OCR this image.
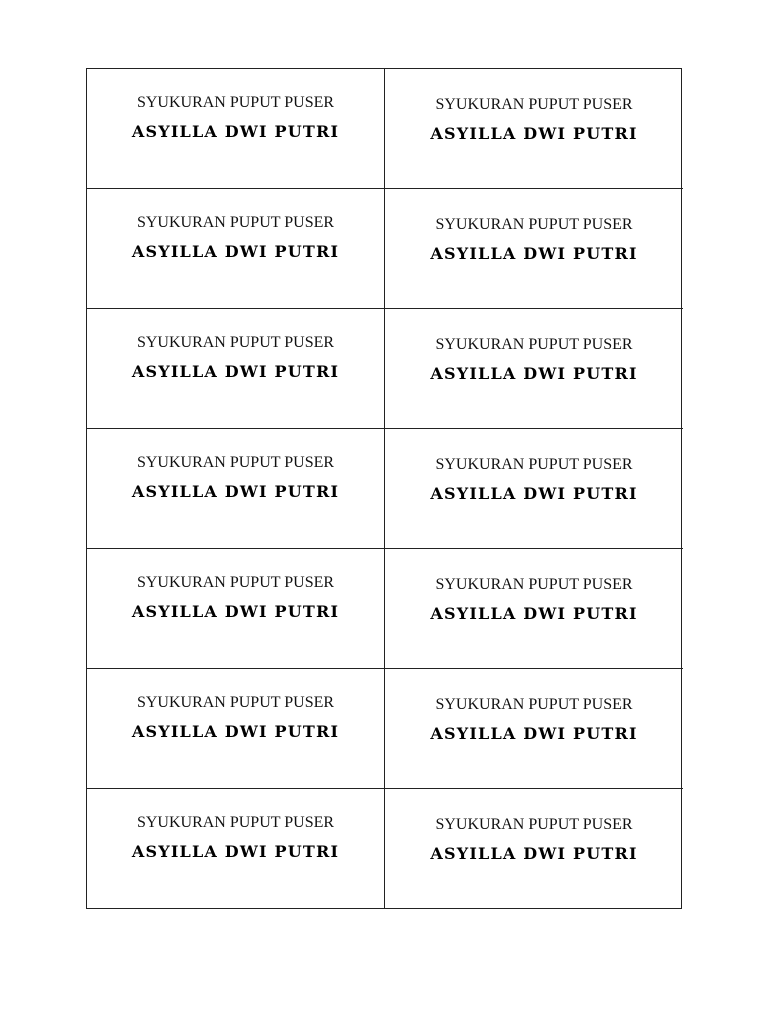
SYUKURAN PUPUT PUSER
ASYILLA DWI PUTRI
SYUKURAN PUPUT PUSER
ASYILLA DWI PUTRI
SYUKURAN PUPUT PUSER
ASYILLA DWI PUTRI
SYUKURAN PUPUT PUSER
ASYILLA DWI PUTRI
SYUKURAN PUPUT PUSER
ASYILLA DWI PUTRI
SYUKURAN PUPUT PUSER
ASYILLA DWI PUTRI
SYUKURAN PUPUT PUSER
ASYILLA DWI PUTRI
SYUKURAN PUPUT PUSER
ASYILLA DWI PUTRI
SYUKURAN PUPUT PUSER
ASYILLA DWI PUTRI
SYUKURAN PUPUT PUSER
ASYILLA DWI PUTRI
SYUKURAN PUPUT PUSER
ASYILLA DWI PUTRI
SYUKURAN PUPUT PUSER
ASYILLA DWI PUTRI
SYUKURAN PUPUT PUSER
ASYILLA DWI PUTRI
SYUKURAN PUPUT PUSER
ASYILLA DWI PUTRI
